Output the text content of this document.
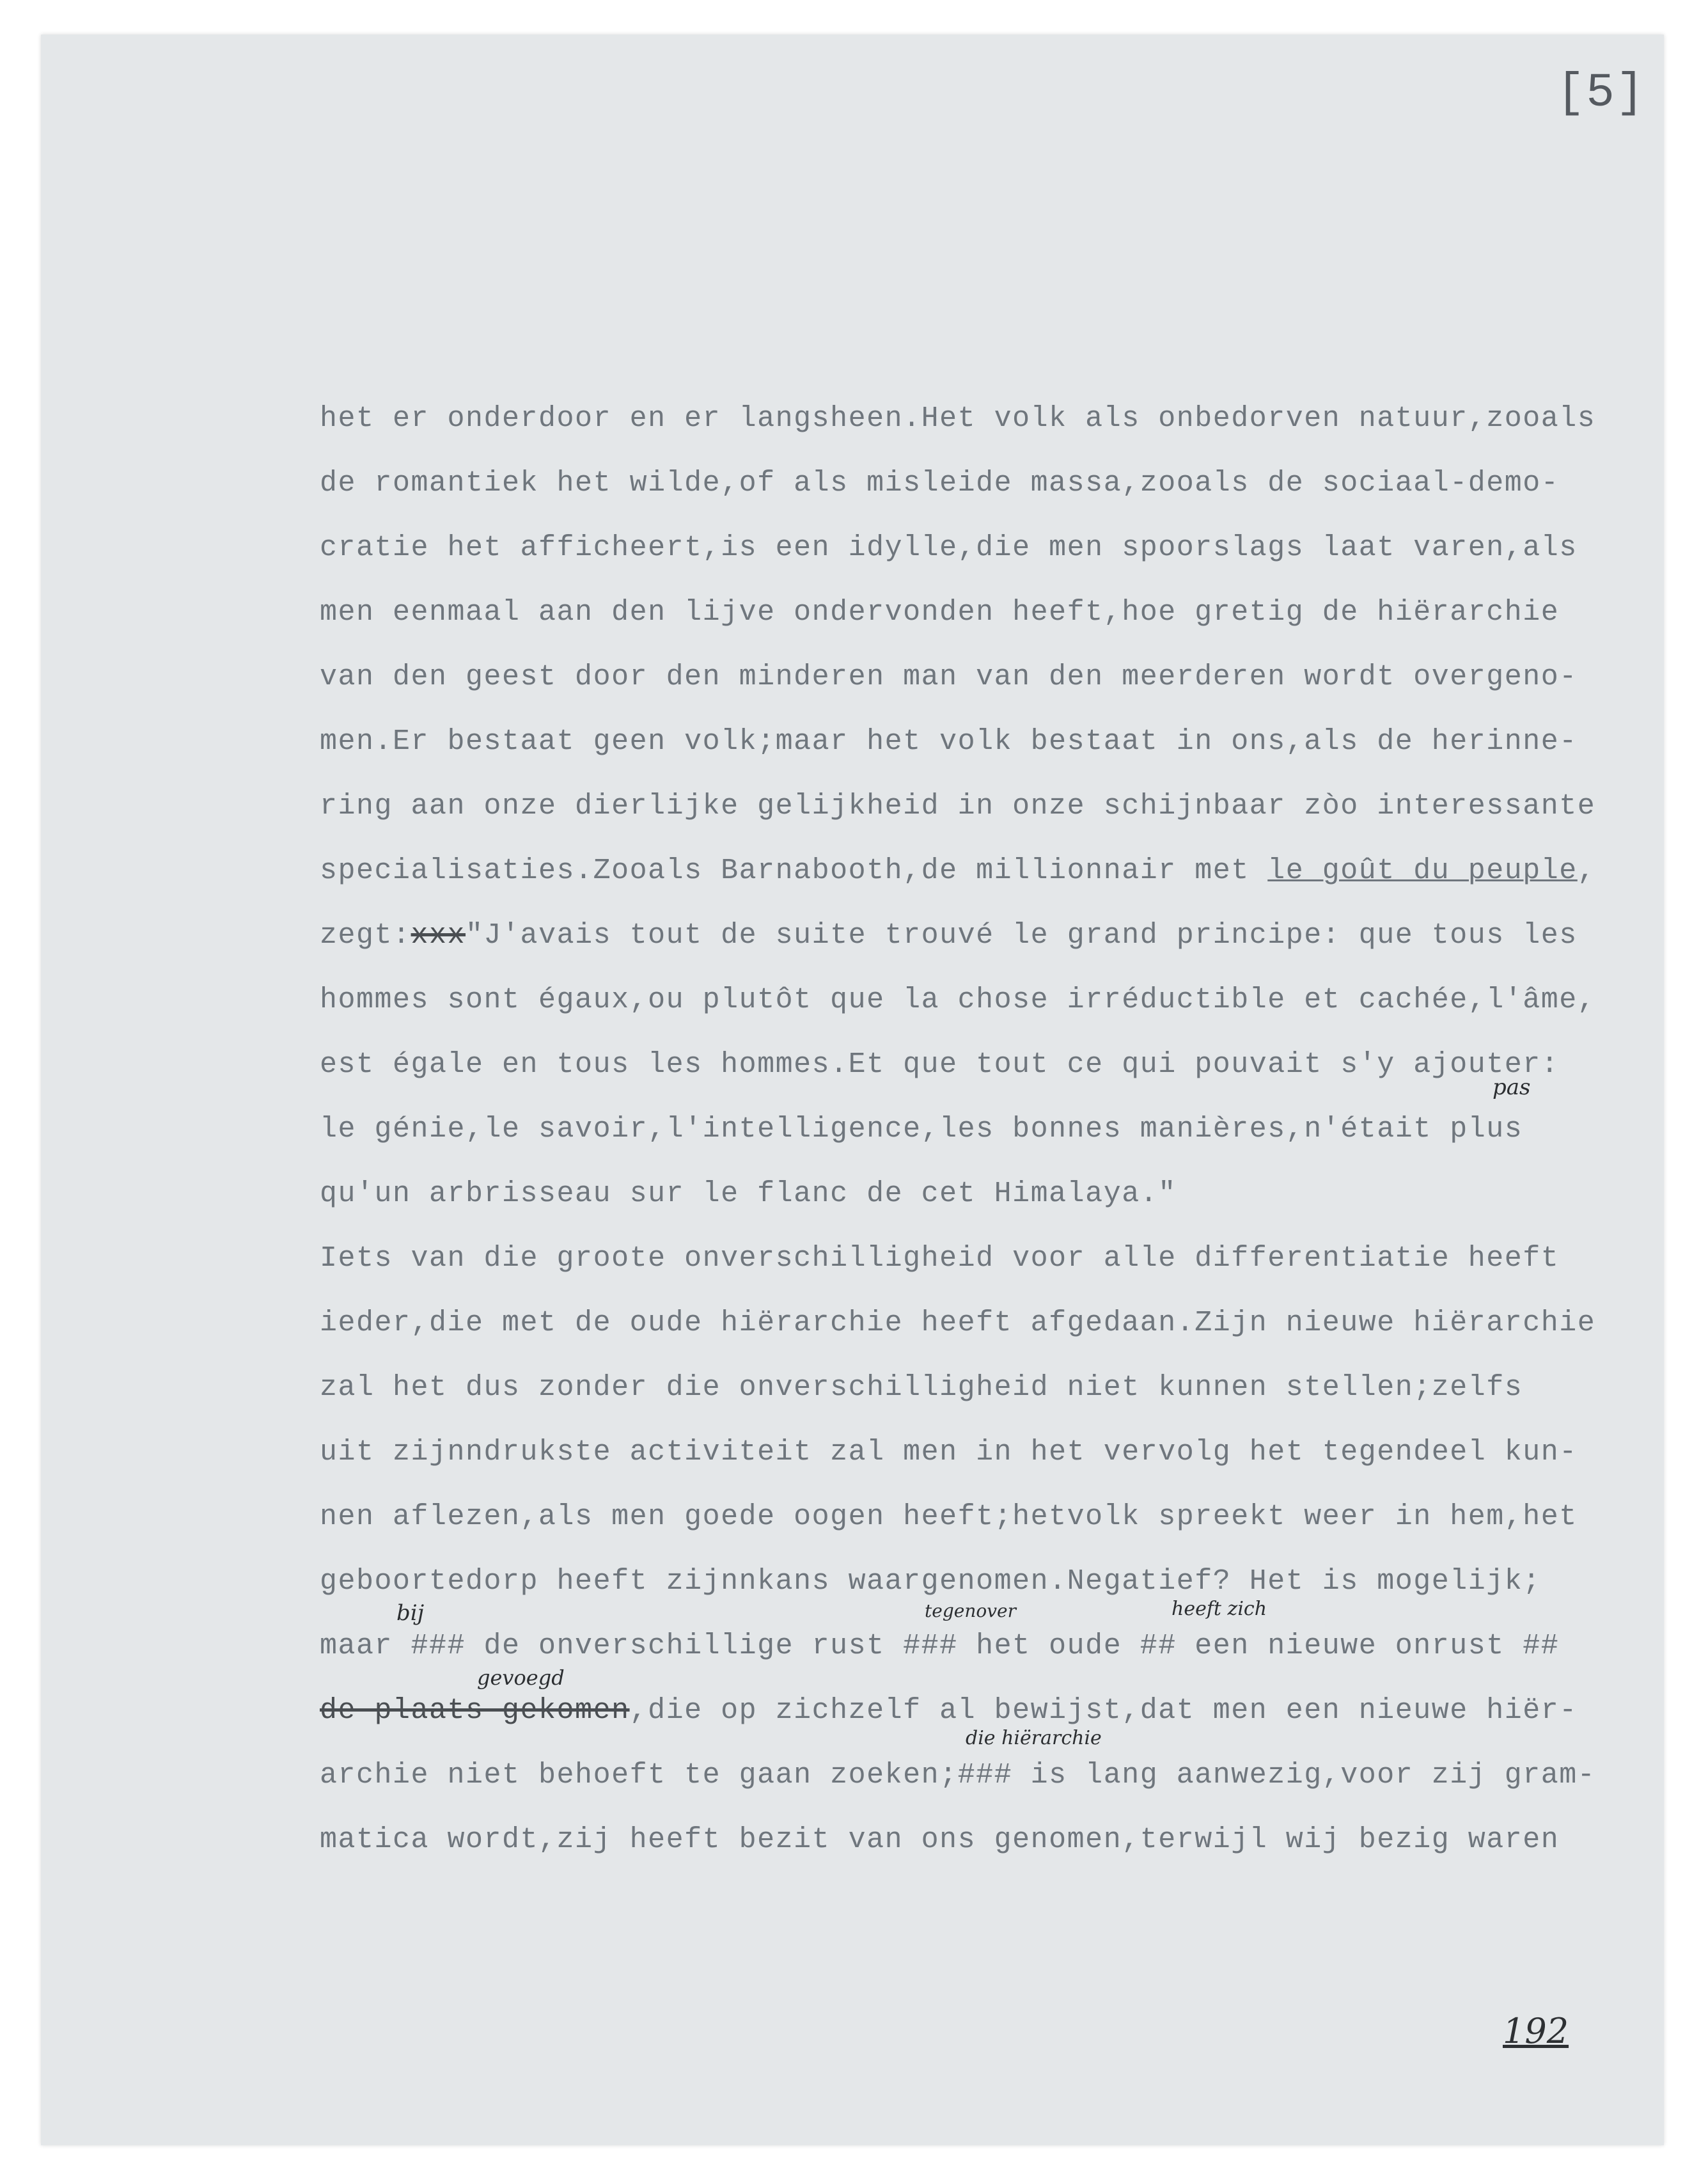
[5]
het er onderdoor en er langsheen.Het volk als onbedorven natuur,zooals
de romantiek het wilde,of als misleide massa,zooals de sociaal-demo-
cratie het afficheert,is een idylle,die men spoorslags laat varen,als
men eenmaal aan den lijve ondervonden heeft,hoe gretig de hiërarchie
van den geest door den minderen man van den meerderen wordt overgeno-
men.Er bestaat geen volk;maar het volk bestaat in ons,als de herinne-
ring aan onze dierlijke gelijkheid in onze schijnbaar zòo interessante
specialisaties.Zooals Barnabooth,de millionnair met le goût du peuple,
zegt:xxx"J'avais tout de suite trouvé le grand principe: que tous les
hommes sont égaux,ou plutôt que la chose irréductible et cachée,l'âme,
est égale en tous les hommes.Et que tout ce qui pouvait s'y ajouter:
le génie,le savoir,l'intelligence,les bonnes manières,n'était plus
qu'un arbrisseau sur le flanc de cet Himalaya."
Iets van die groote onverschilligheid voor alle differentiatie heeft
ieder,die met de oude hiërarchie heeft afgedaan.Zijn nieuwe hiërarchie
zal het dus zonder die onverschilligheid niet kunnen stellen;zelfs
uit zijnndrukste activiteit zal men in het vervolg het tegendeel kun-
nen aflezen,als men goede oogen heeft;hetvolk spreekt weer in hem,het
geboortedorp heeft zijnnkans waargenomen.Negatief? Het is mogelijk;
maar ### de onverschillige rust ### het oude ## een nieuwe onrust ##
de plaats gekomen,die op zichzelf al bewijst,dat men een nieuwe hiër-
archie niet behoeft te gaan zoeken;### is lang aanwezig,voor zij gram-
matica wordt,zij heeft bezit van ons genomen,terwijl wij bezig waren
pas
bij	tegenover	heeft zich
gevoegd
die hiërarchie
192
